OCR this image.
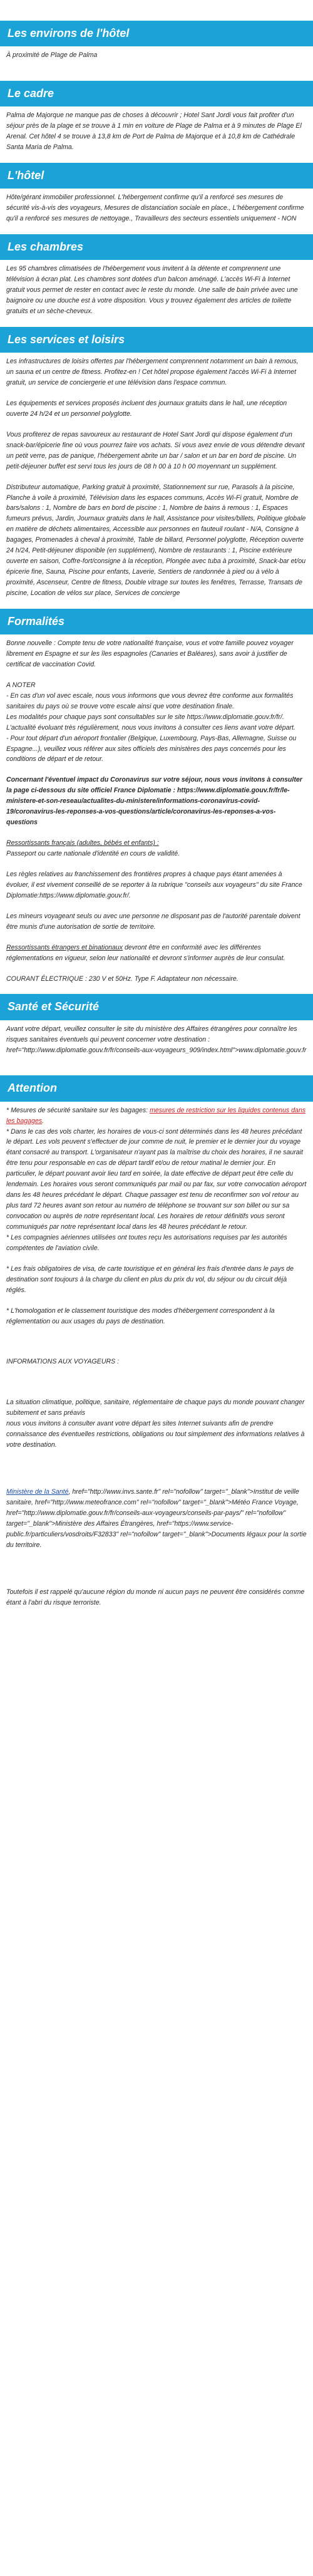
Les environs de l'hôtel

À proximité de Plage de Palma

Le cadre

Palma de Majorque ne manque pas de choses à découvrir ; Hotel Sant Jordi vous fait profiter d'un séjour près de la plage et se trouve à 1 min en voiture de Plage de Palma et à 9 minutes de Plage El Arenal. Cet hôtel 4 se trouve à 13,8 km de Port de Palma de Majorque et à 10,8 km de Cathédrale Santa Maria de Palma.

L'hôtel

Hôte/gérant immobilier professionnel. L'hébergement confirme qu'il a renforcé ses mesures de sécurité vis-à-vis des voyageurs, Mesures de distanciation sociale en place., L'hébergement confirme qu'il a renforcé ses mesures de nettoyage., Travailleurs des secteurs essentiels uniquement - NON

Les chambres

Les 95 chambres climatisées de l'hébergement vous invitent à la détente et comprennent une télévision à écran plat. Les chambres sont dotées d'un balcon aménagé. L'accès Wi-Fi à Internet gratuit vous permet de rester en contact avec le reste du monde. Une salle de bain privée avec une baignoire ou une douche est à votre disposition. Vous y trouvez également des articles de toilette gratuits et un sèche-cheveux.

Les services et loisirs

Les infrastructures de loisirs offertes par l'hébergement comprennent notamment un bain à remous, un sauna et un centre de fitness. Profitez-en ! Cet hôtel propose également l'accès Wi-Fi à Internet gratuit, un service de conciergerie et une télévision dans l'espace commun.

Les équipements et services proposés incluent des journaux gratuits dans le hall, une réception ouverte 24 h/24 et un personnel polyglotte.

Vous profiterez de repas savoureux au restaurant de Hotel Sant Jordi qui dispose également d'un snack-bar/épicerie fine où vous pourrez faire vos achats. Si vous avez envie de vous détendre devant un petit verre, pas de panique, l'hébergement abrite un bar / salon et un bar en bord de piscine. Un petit-déjeuner buffet est servi tous les jours de 08 h 00 à 10 h 00 moyennant un supplément.

Distributeur automatique, Parking gratuit à proximité, Stationnement sur rue, Parasols à la piscine, Planche à voile à proximité, Télévision dans les espaces communs, Accès Wi-Fi gratuit, Nombre de bars/salons : 1, Nombre de bars en bord de piscine : 1, Nombre de bains à remous : 1, Espaces fumeurs prévus, Jardin, Journaux gratuits dans le hall, Assistance pour visites/billets, Politique globale en matière de déchets alimentaires, Accessible aux personnes en fauteuil roulant - N/A, Consigne à bagages, Promenades à cheval à proximité, Table de billard, Personnel polyglotte, Réception ouverte 24 h/24, Petit-déjeuner disponible (en supplément), Nombre de restaurants : 1, Piscine extérieure ouverte en saison, Coffre-fort/consigne à la réception, Plongée avec tuba à proximité, Snack-bar et/ou épicerie fine, Sauna, Piscine pour enfants, Laverie, Sentiers de randonnée à pied ou à vélo à proximité, Ascenseur, Centre de fitness, Double vitrage sur toutes les fenêtres, Terrasse, Transats de piscine, Location de vélos sur place, Services de concierge

Formalités

Bonne nouvelle : Compte tenu de votre nationalité française, vous et votre famille pouvez voyager librement en Espagne et sur les îles espagnoles (Canaries et Baléares), sans avoir à justifier de certificat de vaccination Covid.

A NOTER
- En cas d'un vol avec escale, nous vous informons que vous devrez être conforme aux formalités sanitaires du pays où se trouve votre escale ainsi que votre destination finale.
Les modalités pour chaque pays sont consultables sur le site https://www.diplomatie.gouv.fr/fr/. L'actualité évoluant très régulièrement, nous vous invitons à consulter ces liens avant votre départ.
- Pour tout départ d'un aéroport frontalier (Belgique, Luxembourg, Pays-Bas, Allemagne, Suisse ou Espagne...), veuillez vous référer aux sites officiels des ministères des pays concernés pour les conditions de départ et de retour.

Concernant l'éventuel impact du Coronavirus sur votre séjour, nous vous invitons à consulter la page ci-dessous du site officiel France Diplomatie : https://www.diplomatie.gouv.fr/fr/le-ministere-et-son-reseau/actualites-du-ministere/informations-coronavirus-covid-19/coronavirus-les-reponses-a-vos-questions/article/coronavirus-les-reponses-a-vos-questions

Ressortissants français (adultes, bébés et enfants) :
Passeport ou carte nationale d'identité en cours de validité.

Les règles relatives au franchissement des frontières propres à chaque pays étant amenées à évoluer, il est vivement conseillé de se reporter à la rubrique "conseils aux voyageurs" du site France Diplomatie:https://www.diplomatie.gouv.fr/.

Les mineurs voyageant seuls ou avec une personne ne disposant pas de l'autorité parentale doivent être munis d'une autorisation de sortie de territoire.

Ressortissants étrangers et binationaux devront être en conformité avec les différentes réglementations en vigueur, selon leur nationalité et devront s'informer auprès de leur consulat.

COURANT ÉLECTRIQUE : 230 V et 50Hz. Type F. Adaptateur non nécessaire.

Santé et Sécurité

Avant votre départ, veuillez consulter le site du ministère des Affaires étrangères pour connaître les risques sanitaires éventuels qui peuvent concerner votre destination : href="http://www.diplomatie.gouv.fr/fr/conseils-aux-voyageurs_909/index.html">www.diplomatie.gouv.fr

Attention

* Mesures de sécurité sanitaire sur les bagages: mesures de restriction sur les liquides contenus dans les bagages.
* Dans le cas des vols charter, les horaires de vous-ci sont déterminés dans les 48 heures précédant le départ. Les vols peuvent s'effectuer de jour comme de nuit, le premier et le dernier jour du voyage étant consacré au transport. L'organisateur n'ayant pas la maîtrise du choix des horaires, il ne saurait être tenu pour responsable en cas de départ tardif et/ou de retour matinal le dernier jour. En particulier, le départ pouvant avoir lieu tard en soirée, la date effective de départ peut être celle du lendemain. Les horaires vous seront communiqués par mail ou par fax, sur votre convocation aéroport dans les 48 heures précédant le départ. Chaque passager est tenu de reconfirmer son vol retour au plus tard 72 heures avant son retour au numéro de téléphone se trouvant sur son billet ou sur sa convocation ou auprès de notre représentant local. Les horaires de retour définitifs vous seront communiqués par notre représentant local dans les 48 heures précédant le retour.
* Les compagnies aériennes utilisées ont toutes reçu les autorisations requises par les autorités compétentes de l'aviation civile.

* Les frais obligatoires de visa, de carte touristique et en général les frais d'entrée dans le pays de destination sont toujours à la charge du client en plus du prix du vol, du séjour ou du circuit déjà réglés.

* L'homologation et le classement touristique des modes d'hébergement correspondent à la réglementation ou aux usages du pays de destination.

INFORMATIONS AUX VOYAGEURS :

La situation climatique, politique, sanitaire, réglementaire de chaque pays du monde pouvant changer subitement et sans préavis
nous vous invitons à consulter avant votre départ les sites Internet suivants afin de prendre connaissance des éventuelles restrictions, obligations ou tout simplement des informations relatives à votre destination.

Ministère de la Santé, href="http://www.invs.sante.fr" rel="nofollow" target="_blank">Institut de veille sanitaire, href="http://www.meteofrance.com" rel="nofollow" target="_blank">Météo France Voyage, href="http://www.diplomatie.gouv.fr/fr/conseils-aux-voyageurs/conseils-par-pays/" rel="nofollow" target="_blank">Ministère des Affaires Étrangères, href="https://www.service-public.fr/particuliers/vosdroits/F32833" rel="nofollow" target="_blank">Documents légaux pour la sortie du territoire.

Toutefois il est rappelé qu'aucune région du monde ni aucun pays ne peuvent être considérés comme étant à l'abri du risque terroriste.
